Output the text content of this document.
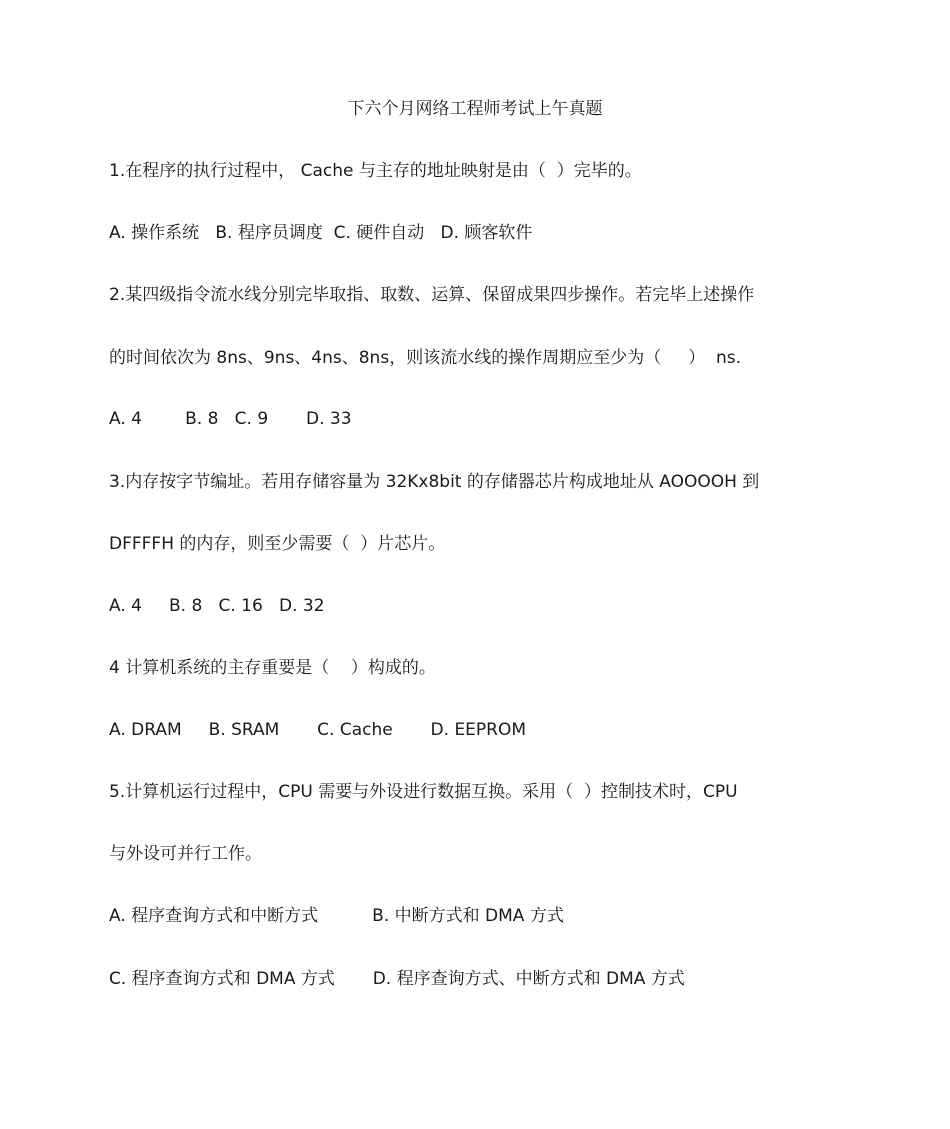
下六个月网络工程师考试上午真题
1.在程序的执行过程中， Cache 与主存的地址映射是由（  ）完毕的。
A. 操作系统   B. 程序员调度  C. 硬件自动   D. 顾客软件
2.某四级指令流水线分别完毕取指、取数、运算、保留成果四步操作。若完毕上述操作
的时间依次为 8ns、9ns、4ns、8ns，则该流水线的操作周期应至少为（     ）  ns.
A. 4        B. 8   C. 9       D. 33
3.内存按字节编址。若用存储容量为 32Kx8bit 的存储器芯片构成地址从 AOOOOH 到
DFFFFH 的内存，则至少需要（  ）片芯片。
A. 4     B. 8   C. 16   D. 32
4 计算机系统的主存重要是（    ）构成的。
A. DRAM     B. SRAM       C. Cache       D. EEPROM
5.计算机运行过程中，CPU 需要与外设进行数据互换。采用（  ）控制技术时，CPU
与外设可并行工作。
A. 程序查询方式和中断方式          B. 中断方式和 DMA 方式
C. 程序查询方式和 DMA 方式       D. 程序查询方式、中断方式和 DMA 方式
